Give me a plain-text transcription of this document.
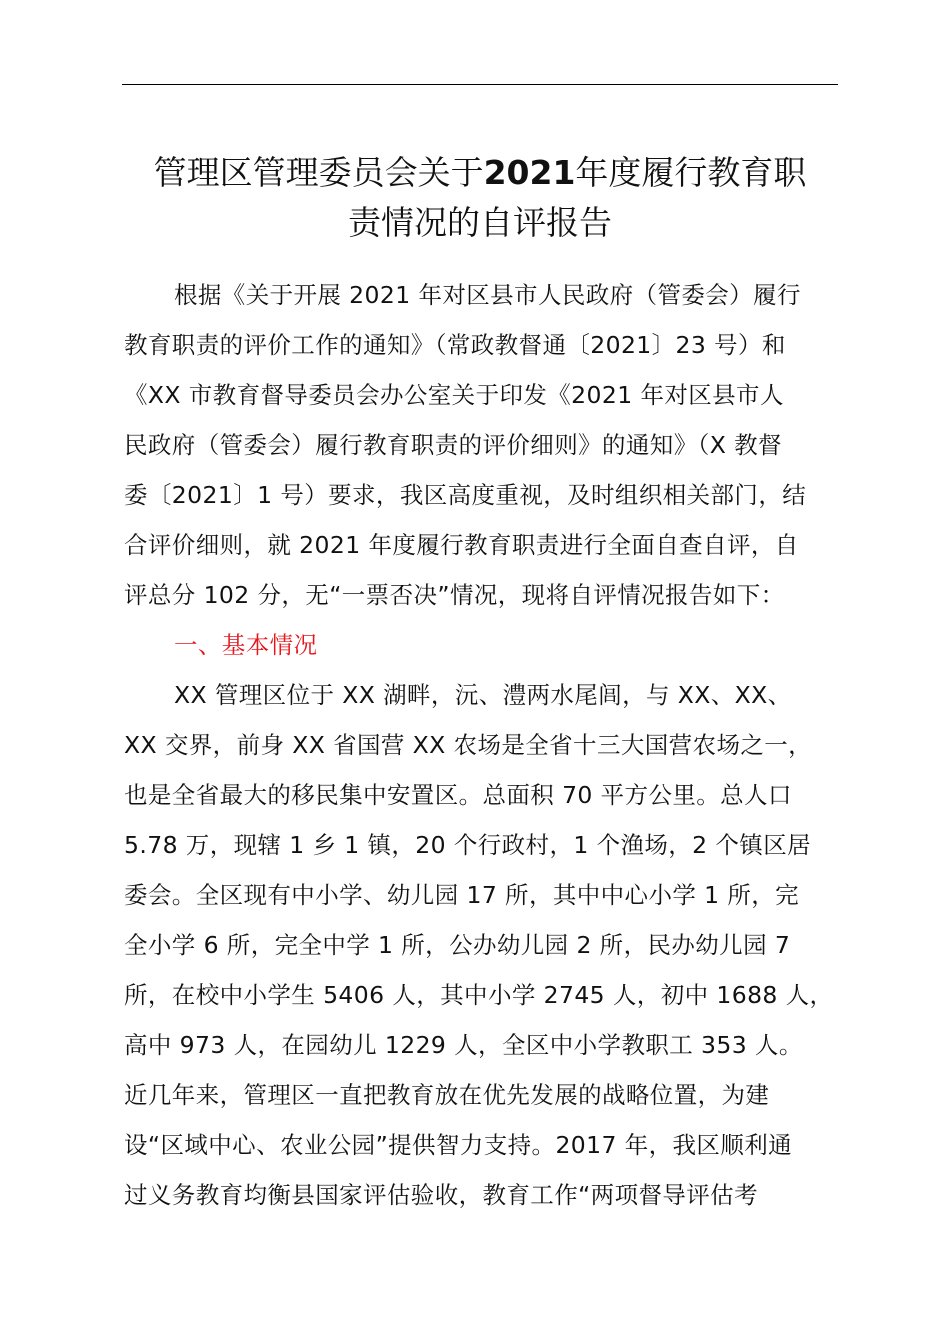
管理区管理委员会关于2021年度履行教育职
责情况的自评报告
根据《关于开展 2021 年对区县市人民政府（管委会）履行
教育职责的评价工作的通知》（常政教督通〔2021〕23 号）和
《XX 市教育督导委员会办公室关于印发《2021 年对区县市人
民政府（管委会）履行教育职责的评价细则》的通知》（X 教督
委〔2021〕1 号）要求，我区高度重视，及时组织相关部门，结
合评价细则，就 2021 年度履行教育职责进行全面自查自评，自
评总分 102 分，无“一票否决”情况，现将自评情况报告如下：
一、基本情况
XX 管理区位于 XX 湖畔，沅、澧两水尾闾，与 XX、XX、
XX 交界，前身 XX 省国营 XX 农场是全省十三大国营农场之一，
也是全省最大的移民集中安置区。总面积 70 平方公里。总人口
5.78 万，现辖 1 乡 1 镇，20 个行政村，1 个渔场，2 个镇区居
委会。全区现有中小学、幼儿园 17 所，其中中心小学 1 所，完
全小学 6 所，完全中学 1 所，公办幼儿园 2 所，民办幼儿园 7
所，在校中小学生 5406 人，其中小学 2745 人，初中 1688 人，
高中 973 人，在园幼儿 1229 人，全区中小学教职工 353 人。
近几年来，管理区一直把教育放在优先发展的战略位置，为建
设“区域中心、农业公园”提供智力支持。2017 年，我区顺利通
过义务教育均衡县国家评估验收，教育工作“两项督导评估考
